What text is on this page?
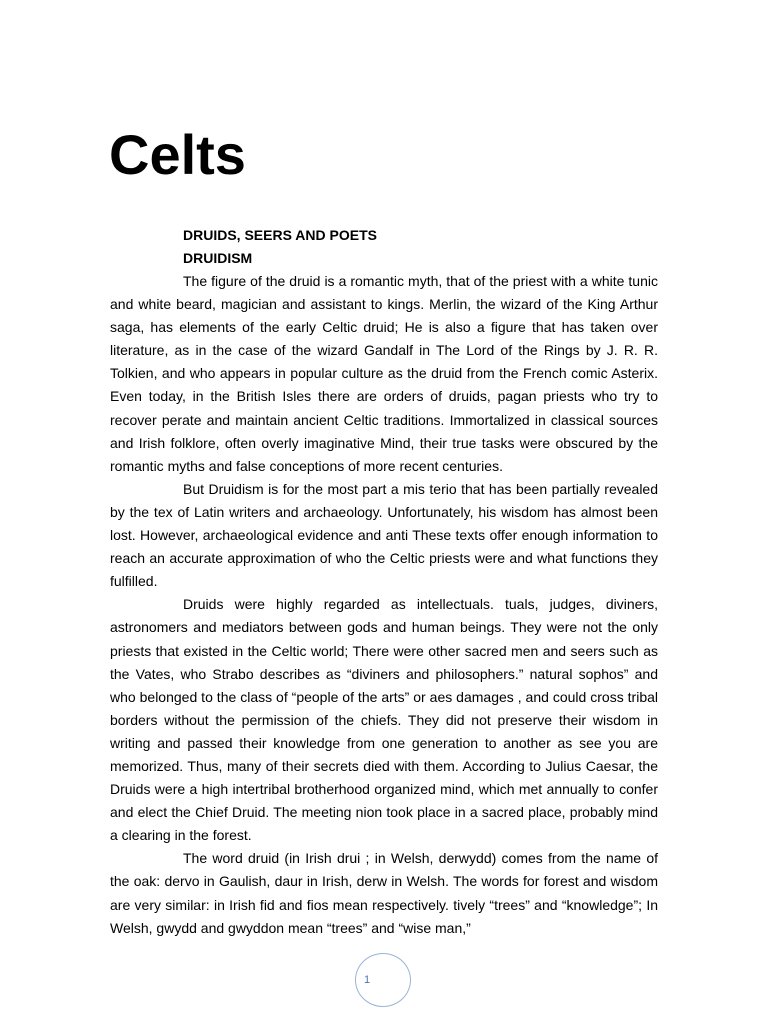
Celts

DRUIDS, SEERS AND POETS

DRUIDISM

The figure of the druid is a romantic myth, that of the priest with a white tunic and white beard, magician and assistant to kings. Merlin, the wizard of the King Arthur saga, has elements of the early Celtic druid; He is also a figure that has taken over literature, as in the case of the wizard Gandalf in The Lord of the Rings by J. R. R. Tolkien, and who appears in popular culture as the druid from the French comic Asterix. Even today, in the British Isles there are orders of druids, pagan priests who try to recover perate and maintain ancient Celtic traditions. Immortalized in classical sources and Irish folklore, often overly imaginative Mind, their true tasks were obscured by the romantic myths and false conceptions of more recent centuries.

But Druidism is for the most part a mis terio that has been partially revealed by the tex of Latin writers and archaeology. Unfortunately, his wisdom has almost been lost. However, archaeological evidence and anti These texts offer enough information to reach an accurate approximation of who the Celtic priests were and what functions they fulfilled.

Druids were highly regarded as intellectuals. tuals, judges, diviners, astronomers and mediators between gods and human beings. They were not the only priests that existed in the Celtic world; There were other sacred men and seers such as the Vates, who Strabo describes as “diviners and philosophers.” natural sophos” and who belonged to the class of “people of the arts” or aes damages , and could cross tribal borders without the permission of the chiefs. They did not preserve their wisdom in writing and passed their knowledge from one generation to another as see you are memorized. Thus, many of their secrets died with them. According to Julius Caesar, the Druids were a high intertribal brotherhood organized mind, which met annually to confer and elect the Chief Druid. The meeting nion took place in a sacred place, probably mind a clearing in the forest.

The word druid (in Irish drui ; in Welsh, derwydd) comes from the name of the oak: dervo in Gaulish, daur in Irish, derw in Welsh. The words for forest and wisdom are very similar: in Irish fid and fios mean respectively. tively “trees” and “knowledge”; In Welsh, gwydd and gwyddon mean “trees” and “wise man,”

1
